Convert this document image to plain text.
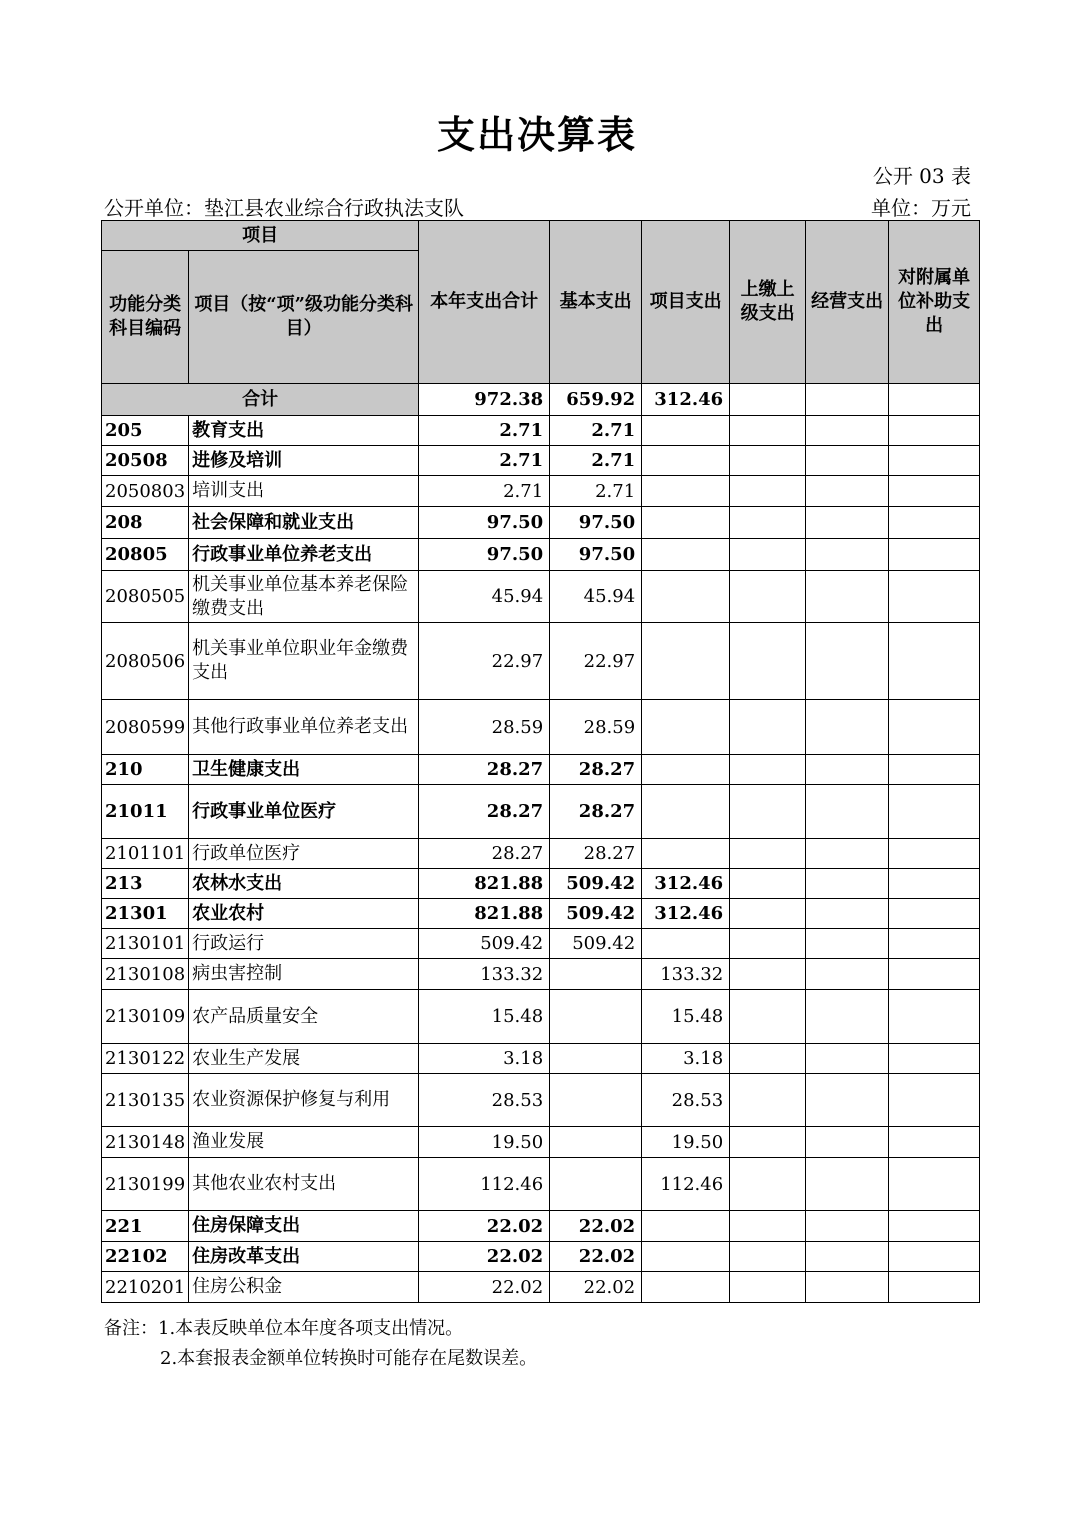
支出决算表
公开 03 表
公开单位：垫江县农业综合行政执法支队	单位：万元
项目		本年支出合计	基本支出	项目支出	上缴上级支出	经营支出	对附属单位补助支出
功能分类科目编码	项目（按“项”级功能分类科目）						
合计		972.38	659.92	312.46			
205	教育支出	2.71	2.71				
20508	进修及培训	2.71	2.71				
2050803	培训支出	2.71	2.71				
208	社会保障和就业支出	97.50	97.50				
20805	行政事业单位养老支出	97.50	97.50				
2080505	机关事业单位基本养老保险缴费支出	45.94	45.94				
2080506	机关事业单位职业年金缴费支出	22.97	22.97				
2080599	其他行政事业单位养老支出	28.59	28.59				
210	卫生健康支出	28.27	28.27				
21011	行政事业单位医疗	28.27	28.27				
2101101	行政单位医疗	28.27	28.27				
213	农林水支出	821.88	509.42	312.46			
21301	农业农村	821.88	509.42	312.46			
2130101	行政运行	509.42	509.42				
2130108	病虫害控制	133.32		133.32			
2130109	农产品质量安全	15.48		15.48			
2130122	农业生产发展	3.18		3.18			
2130135	农业资源保护修复与利用	28.53		28.53			
2130148	渔业发展	19.50		19.50			
2130199	其他农业农村支出	112.46		112.46			
221	住房保障支出	22.02	22.02				
22102	住房改革支出	22.02	22.02				
2210201	住房公积金	22.02	22.02				
备注：1.本表反映单位本年度各项支出情况。
2.本套报表金额单位转换时可能存在尾数误差。
